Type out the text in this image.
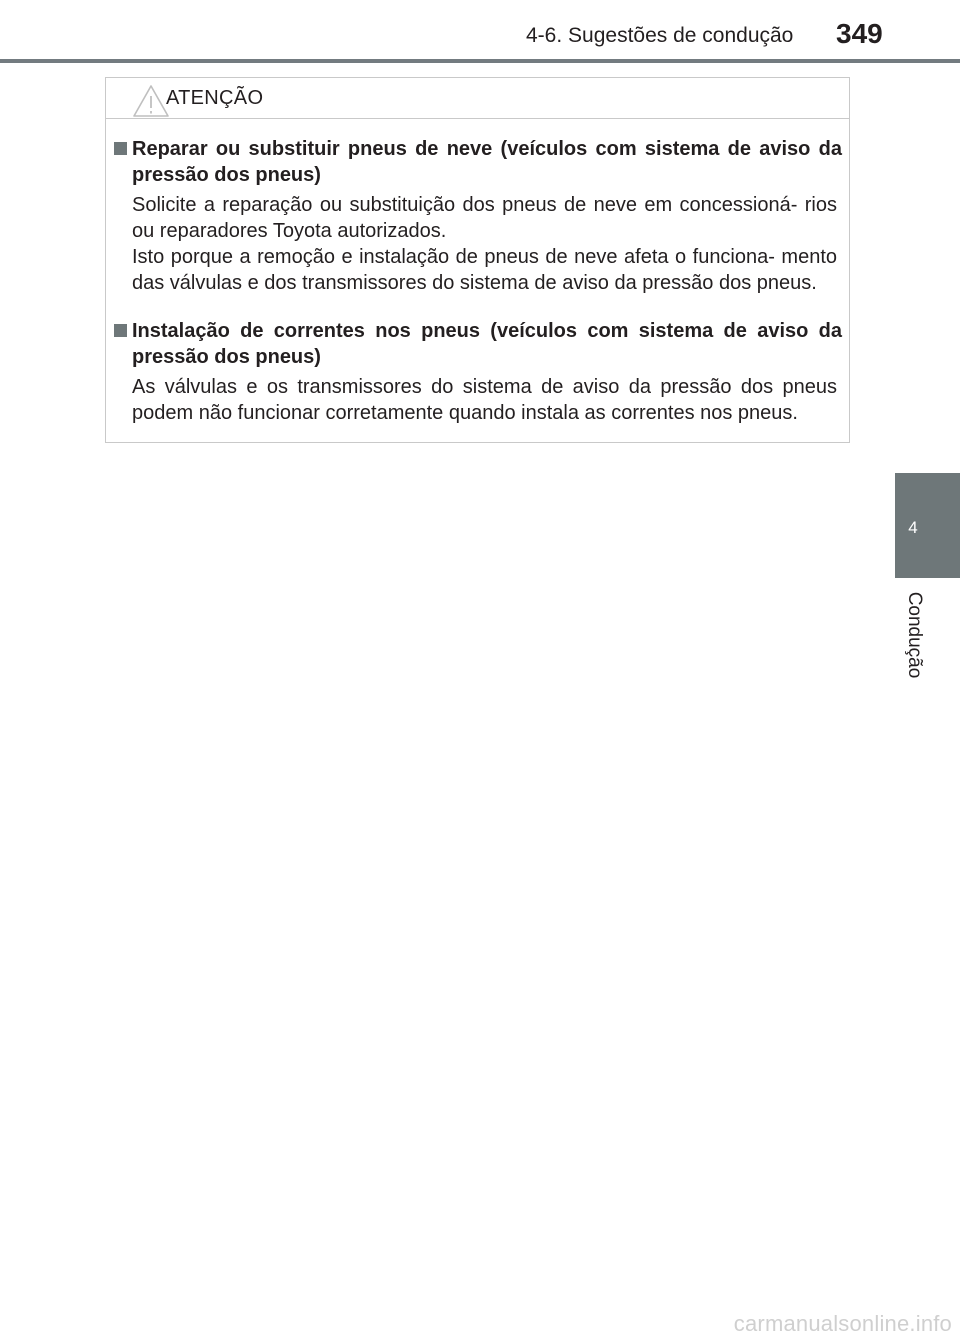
4-6. Sugestões de condução 349
4
Condução
ATENÇÃO
Reparar ou substituir pneus de neve (veículos com sistema de aviso da pressão dos pneus)

Solicite a reparação ou substituição dos pneus de neve em concessioná- rios ou reparadores Toyota autorizados.

Isto porque a remoção e instalação de pneus de neve afeta o funciona- mento das válvulas e dos transmissores do sistema de aviso da pressão dos pneus.

Instalação de correntes nos pneus (veículos com sistema de aviso da pressão dos pneus)

As válvulas e os transmissores do sistema de aviso da pressão dos pneus podem não funcionar corretamente quando instala as correntes nos pneus.

carmanualsonline.info
